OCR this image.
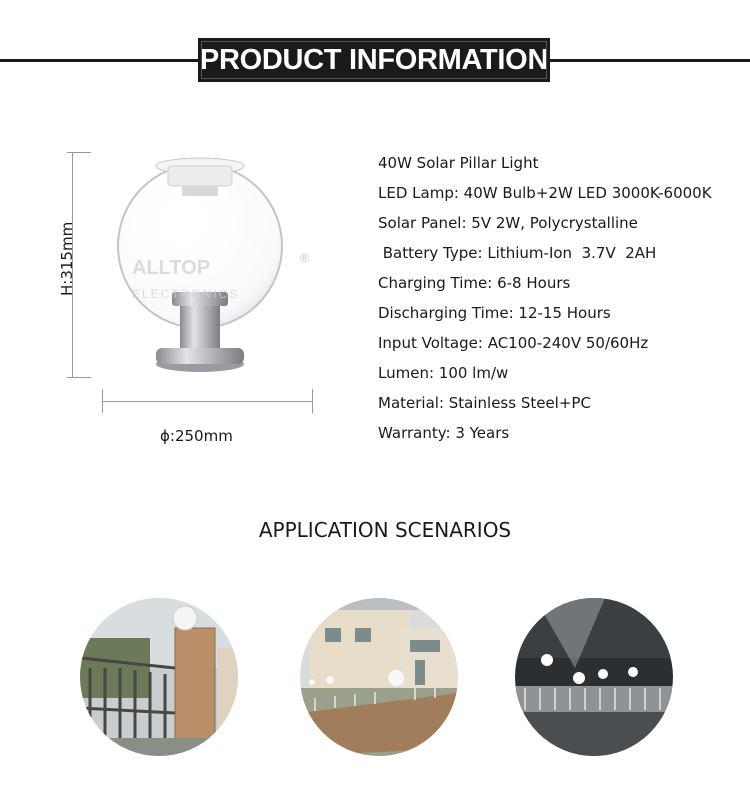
PRODUCT INFORMATION
H:315mm	ALLTOP
ELECTRONICS
®
ϕ:250mm
40W Solar Pillar Light
LED Lamp: 40W Bulb+2W LED 3000K-6000K
Solar Panel: 5V 2W, Polycrystalline
Battery Type: Lithium-Ion  3.7V  2AH
Charging Time: 6-8 Hours
Discharging Time: 12-15 Hours
Input Voltage: AC100-240V 50/60Hz
Lumen: 100 lm/w
Material: Stainless Steel+PC
Warranty: 3 Years
APPLICATION SCENARIOS
